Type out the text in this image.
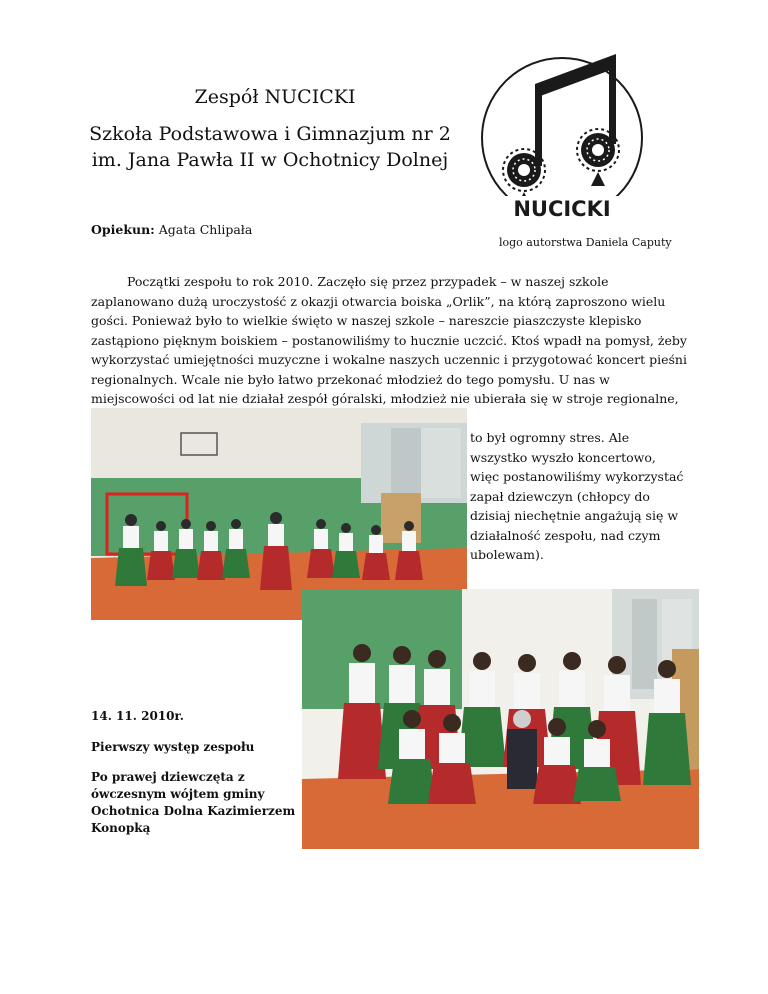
Zespół NUCICKI
Szkoła Podstawowa i Gimnazjum nr 2 im. Jana Pawła II w Ochotnicy Dolnej
Opiekun: Agata Chlipała
NUCICKI
logo autorstwa Daniela Caputy
Początki zespołu to rok 2010. Zaczęło się przez przypadek – w naszej szkole zaplanowano dużą uroczystość z okazji otwarcia boiska „Orlik”, na którą zaproszono wielu gości. Ponieważ było to wielkie święto w naszej szkole – nareszcie piaszczyste klepisko zastąpiono pięknym boiskiem – postanowiliśmy to hucznie uczcić. Ktoś wpadł na pomysł, żeby wykorzystać umiejętności muzyczne i wokalne naszych uczennic i przygotować koncert pieśni regionalnych. Wcale nie było łatwo przekonać młodzież do tego pomysłu. U nas w miejscowości od lat nie działał zespół góralski, młodzież nie ubierała się w stroje regionalne,
to był ogromny stres. Ale wszystko wyszło koncertowo, więc postanowiliśmy wykorzystać zapał dziewczyn (chłopcy do dzisiaj niechętnie angażują się w działalność zespołu, nad czym ubolewam).

14. 11. 2010r.

Pierwszy występ zespołu

Po prawej dziewczęta z ówczesnym wójtem gminy Ochotnica Dolna Kazimierzem Konopką
